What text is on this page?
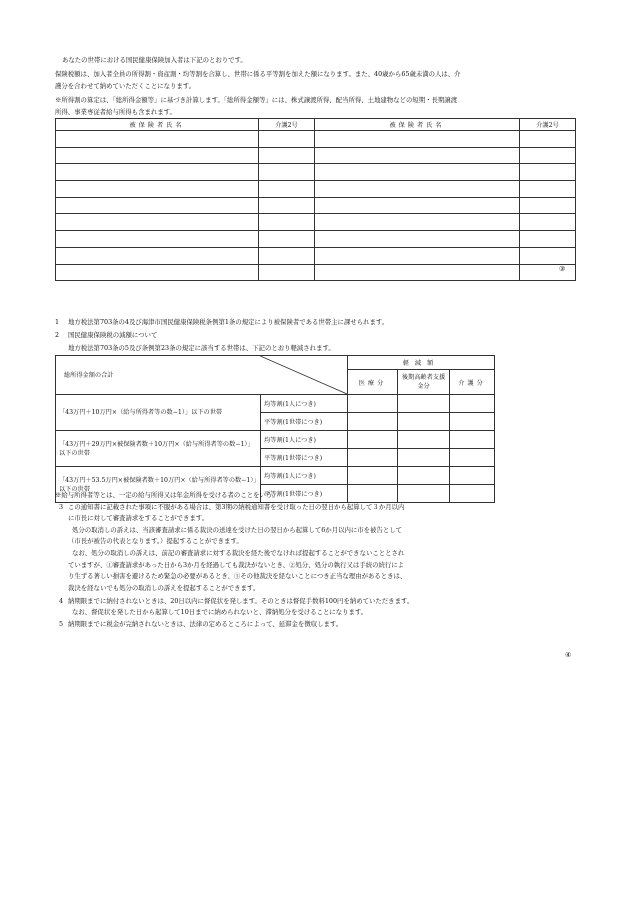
あなたの世帯における国民健康保険加入者は下記のとおりです。
保険税額は、加入者全員の所得割・資産割・均等割を合算し、世帯に係る平等割を加えた額になります。また、40歳から65歳未満の人は、介
護分を合わせて納めていただくことになります。
※所得割の算定は、「総所得金額等」に基づき計算します。「総所得金額等」には、株式譲渡所得、配当所得、土地建物などの短期・長期譲渡
所得、事業専従者給与所得も含まれます。
被保険者氏名	介護2号	被保険者氏名	介護2号

③
1 地方税法第703条の4及び海津市国民健康保険税条例第1条の規定により被保険者である世帯主に課せられます。
2 国民健康保険税の減額について
地方税法第703条の5及び条例第23条の規定に該当する世帯は、下記のとおり軽減されます。
総所得金額の合計		軽減額		
		医療分	後期高齢者支援金分	介護分
「43万円＋10万円×（給与所得者等の数−1）」以下の世帯	均等割(1人につき)			
	平等割(1世帯につき)			
「43万円＋29万円×被保険者数＋10万円×（給与所得者等の数−1）」以下の世帯	均等割(1人につき)			
	平等割(1世帯につき)			
「43万円＋53.5万円×被保険者数＋10万円×（給与所得者等の数−1）」以下の世帯	均等割(1人につき)			
	平等割(1世帯につき)			
※給与所得者等とは、一定の給与所得又は年金所得を受ける者のことをいう。
3 この通知書に記載された事項に不服がある場合は、第3期の納税通知書を受け取った日の翌日から起算して３か月以内
に市長に対して審査請求をすることができます。
処分の取消しの訴えは、当該審査請求に係る裁決の送達を受けた日の翌日から起算して6か月以内に市を被告として
（市長が被告の代表となります。）提起することができます。
なお、処分の取消しの訴えは、前記の審査請求に対する裁決を経た後でなければ提起することができないこととされ
ていますが、①審査請求があった日から3か月を経過しても裁決がないとき、②処分、処分の執行又は手続の続行によ
り生ずる著しい損害を避けるため緊急の必要があるとき、③その他裁決を経ないことにつき正当な理由があるときは、
裁決を経ないでも処分の取消しの訴えを提起することができます。
4 納期限までに納付されないときは、20日以内に督促状を発します。そのときは督促手数料100円を納めていただきます。
なお、督促状を発した日から起算して10日までに納められないと、滞納処分を受けることになります。
5 納期限までに税金が完納されないときは、法律の定めるところによって、延滞金を徴収します。
④
